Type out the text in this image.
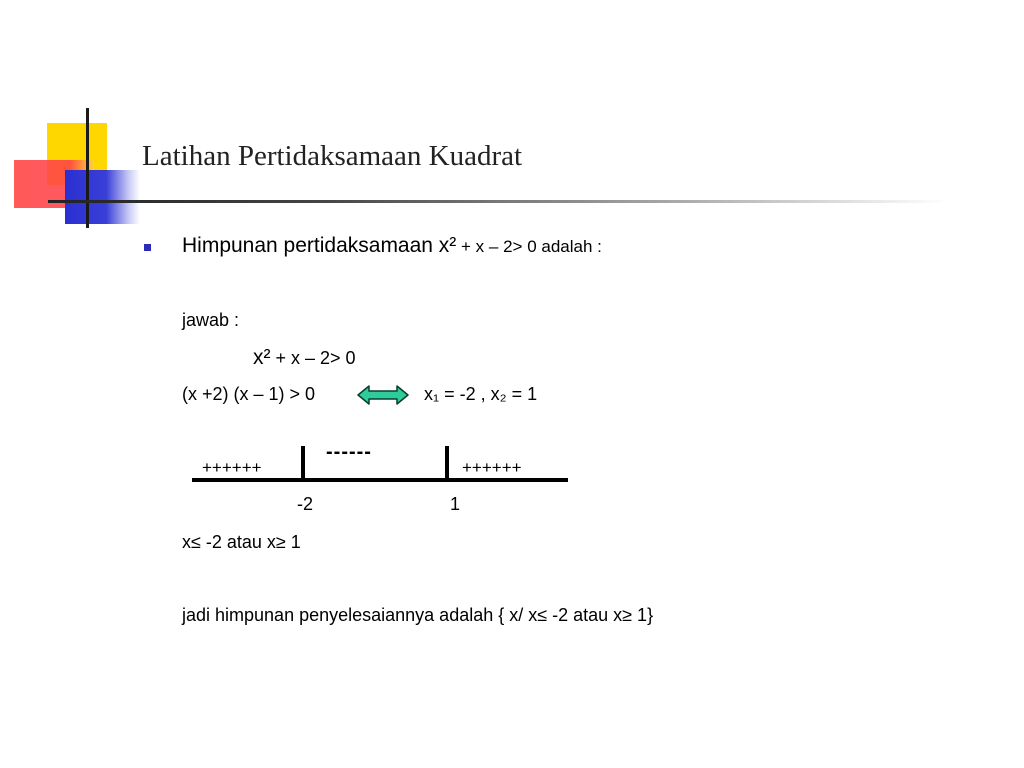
Latihan Pertidaksamaan Kuadrat
Himpunan pertidaksamaan x² + x – 2> 0 adalah :
jawab :
x² + x – 2> 0
(x +2) (x – 1) > 0	x₁ = -2 , x₂ = 1
++++++
------
++++++
-2	1
x≤ -2 atau x≥ 1
jadi himpunan penyelesaiannya adalah { x/ x≤ -2 atau x≥ 1}
